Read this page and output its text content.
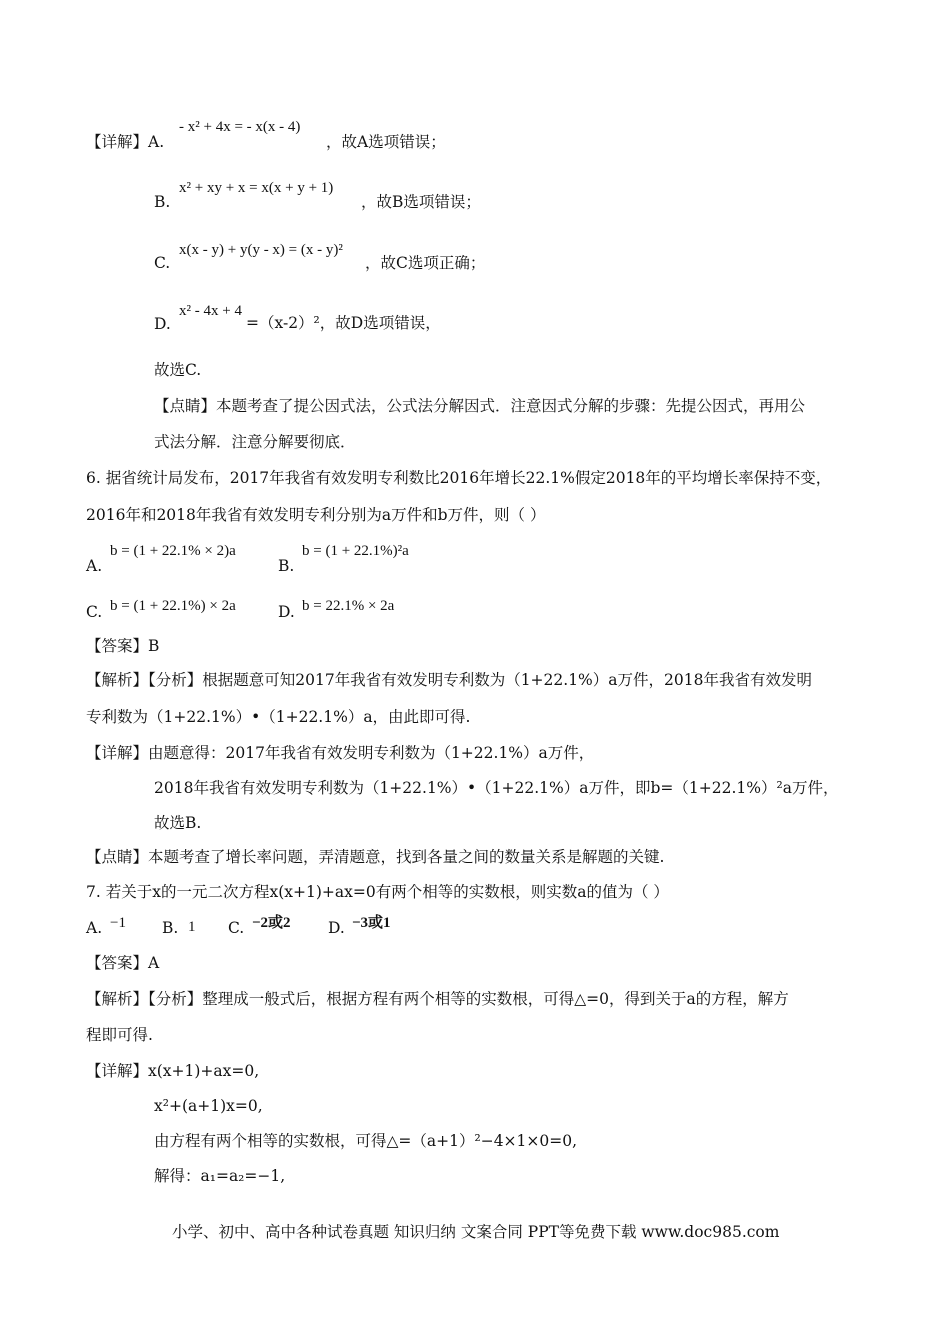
【详解】A.
- x² + 4x = - x(x - 4)
，故A选项错误；
B.
x² + xy + x = x(x + y + 1)
，故B选项错误；
C.
x(x - y) + y(y - x) = (x - y)²
，故C选项正确；
D.
x² - 4x + 4
=（x-2）²，故D选项错误，
故选C.
【点睛】本题考查了提公因式法，公式法分解因式．注意因式分解的步骤：先提公因式，再用公
式法分解．注意分解要彻底．
6. 据省统计局发布，2017年我省有效发明专利数比2016年增长22.1%假定2018年的平均增长率保持不变，
2016年和2018年我省有效发明专利分别为a万件和b万件，则（ ）
A.
b = (1 + 22.1% × 2)a
B.
b = (1 + 22.1%)²a
C. b = (1 + 22.1%) × 2a	D. b = 22.1% × 2a
【答案】B
【解析】【分析】根据题意可知2017年我省有效发明专利数为（1+22.1%）a万件，2018年我省有效发明
专利数为（1+22.1%）•（1+22.1%）a，由此即可得.
【详解】由题意得：2017年我省有效发明专利数为（1+22.1%）a万件，
2018年我省有效发明专利数为（1+22.1%）•（1+22.1%）a万件，即b=（1+22.1%）²a万件，
故选B.
【点睛】本题考查了增长率问题，弄清题意，找到各量之间的数量关系是解题的关键.
7. 若关于x的一元二次方程x(x+1)+ax=0有两个相等的实数根，则实数a的值为（ ）
A. −1 B. 1 C. −2或2 D. −3或1
【答案】A
【解析】【分析】整理成一般式后，根据方程有两个相等的实数根，可得△=0，得到关于a的方程，解方
程即可得.
【详解】x(x+1)+ax=0,
x²+(a+1)x=0,
由方程有两个相等的实数根，可得△=（a+1）²−4×1×0=0,
解得：a₁=a₂=−1,
小学、初中、高中各种试卷真题 知识归纳 文案合同 PPT等免费下载 www.doc985.com
